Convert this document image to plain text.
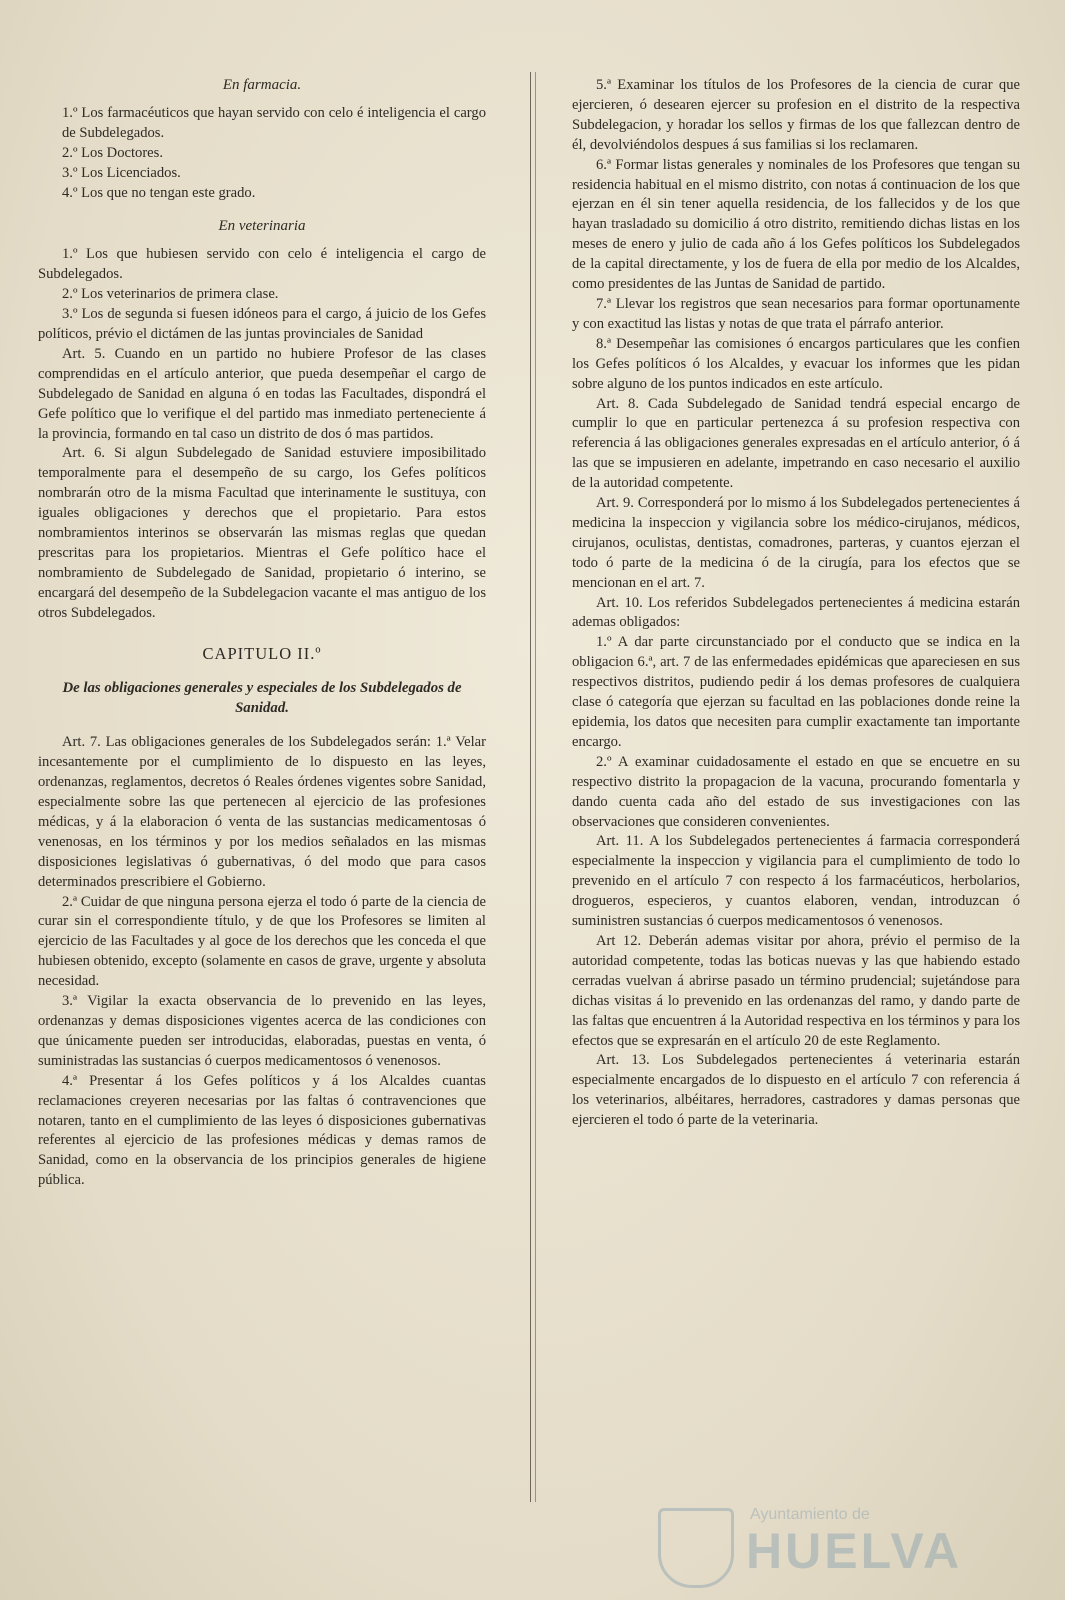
En farmacia.

1.º Los farmacéuticos que hayan servido con celo é inteligencia el cargo de Subdelegados.

2.º Los Doctores.

3.º Los Licenciados.

4.º Los que no tengan este grado.

En veterinaria

1.º Los que hubiesen servido con celo é inteligencia el cargo de Subdelegados.

2.º Los veterinarios de primera clase.

3.º Los de segunda si fuesen idóneos para el cargo, á juicio de los Gefes políticos, prévio el dictámen de las juntas provinciales de Sanidad

Art. 5. Cuando en un partido no hubiere Profesor de las clases comprendidas en el artículo anterior, que pueda desempeñar el cargo de Subdelegado de Sanidad en alguna ó en todas las Facultades, dispondrá el Gefe político que lo verifique el del partido mas inmediato perteneciente á la provincia, formando en tal caso un distrito de dos ó mas partidos.

Art. 6. Si algun Subdelegado de Sanidad estuviere imposibilitado temporalmente para el desempeño de su cargo, los Gefes políticos nombrarán otro de la misma Facultad que interinamente le sustituya, con iguales obligaciones y derechos que el propietario. Para estos nombramientos interinos se observarán las mismas reglas que quedan prescritas para los propietarios. Mientras el Gefe político hace el nombramiento de Subdelegado de Sanidad, propietario ó interino, se encargará del desempeño de la Subdelegacion vacante el mas antiguo de los otros Subdelegados.

CAPITULO II.º

De las obligaciones generales y especiales de los Subdelegados de Sanidad.

Art. 7. Las obligaciones generales de los Subdelegados serán: 1.ª Velar incesantemente por el cumplimiento de lo dispuesto en las leyes, ordenanzas, reglamentos, decretos ó Reales órdenes vigentes sobre Sanidad, especialmente sobre las que pertenecen al ejercicio de las profesiones médicas, y á la elaboracion ó venta de las sustancias medicamentosas ó venenosas, en los términos y por los medios señalados en las mismas disposiciones legislativas ó gubernativas, ó del modo que para casos determinados prescribiere el Gobierno.

2.ª Cuidar de que ninguna persona ejerza el todo ó parte de la ciencia de curar sin el correspondiente título, y de que los Profesores se limiten al ejercicio de las Facultades y al goce de los derechos que les conceda el que hubiesen obtenido, excepto (solamente en casos de grave, urgente y absoluta necesidad.

3.ª Vigilar la exacta observancia de lo prevenido en las leyes, ordenanzas y demas disposiciones vigentes acerca de las condiciones con que únicamente pueden ser introducidas, elaboradas, puestas en venta, ó suministradas las sustancias ó cuerpos medicamentosos ó venenosos.

4.ª Presentar á los Gefes políticos y á los Alcaldes cuantas reclamaciones creyeren necesarias por las faltas ó contravenciones que notaren, tanto en el cumplimiento de las leyes ó disposiciones gubernativas referentes al ejercicio de las profesiones médicas y demas ramos de Sanidad, como en la observancia de los principios generales de higiene pública.

5.ª Examinar los títulos de los Profesores de la ciencia de curar que ejercieren, ó desearen ejercer su profesion en el distrito de la respectiva Subdelegacion, y horadar los sellos y firmas de los que fallezcan dentro de él, devolviéndolos despues á sus familias si los reclamaren.

6.ª Formar listas generales y nominales de los Profesores que tengan su residencia habitual en el mismo distrito, con notas á continuacion de los que ejerzan en él sin tener aquella residencia, de los fallecidos y de los que hayan trasladado su domicilio á otro distrito, remitiendo dichas listas en los meses de enero y julio de cada año á los Gefes políticos los Subdelegados de la capital directamente, y los de fuera de ella por medio de los Alcaldes, como presidentes de las Juntas de Sanidad de partido.

7.ª Llevar los registros que sean necesarios para formar oportunamente y con exactitud las listas y notas de que trata el párrafo anterior.

8.ª Desempeñar las comisiones ó encargos particulares que les confien los Gefes políticos ó los Alcaldes, y evacuar los informes que les pidan sobre alguno de los puntos indicados en este artículo.

Art. 8. Cada Subdelegado de Sanidad tendrá especial encargo de cumplir lo que en particular pertenezca á su profesion respectiva con referencia á las obligaciones generales expresadas en el artículo anterior, ó á las que se impusieren en adelante, impetrando en caso necesario el auxilio de la autoridad competente.

Art. 9. Corresponderá por lo mismo á los Subdelegados pertenecientes á medicina la inspeccion y vigilancia sobre los médico-cirujanos, médicos, cirujanos, oculistas, dentistas, comadrones, parteras, y cuantos ejerzan el todo ó parte de la medicina ó de la cirugía, para los efectos que se mencionan en el art. 7.

Art. 10. Los referidos Subdelegados pertenecientes á medicina estarán ademas obligados:

1.º A dar parte circunstanciado por el conducto que se indica en la obligacion 6.ª, art. 7 de las enfermedades epidémicas que apareciesen en sus respectivos distritos, pudiendo pedir á los demas profesores de cualquiera clase ó categoría que ejerzan su facultad en las poblaciones donde reine la epidemia, los datos que necesiten para cumplir exactamente tan importante encargo.

2.º A examinar cuidadosamente el estado en que se encuetre en su respectivo distrito la propagacion de la vacuna, procurando fomentarla y dando cuenta cada año del estado de sus investigaciones con las observaciones que consideren convenientes.

Art. 11. A los Subdelegados pertenecientes á farmacia corresponderá especialmente la inspeccion y vigilancia para el cumplimiento de todo lo prevenido en el artículo 7 con respecto á los farmacéuticos, herbolarios, drogueros, especieros, y cuantos elaboren, vendan, introduzcan ó suministren sustancias ó cuerpos medicamentosos ó venenosos.

Art 12. Deberán ademas visitar por ahora, prévio el permiso de la autoridad competente, todas las boticas nuevas y las que habiendo estado cerradas vuelvan á abrirse pasado un término prudencial; sujetándose para dichas visitas á lo prevenido en las ordenanzas del ramo, y dando parte de las faltas que encuentren á la Autoridad respectiva en los términos y para los efectos que se expresarán en el artículo 20 de este Reglamento.

Art. 13. Los Subdelegados pertenecientes á veterinaria estarán especialmente encargados de lo dispuesto en el artículo 7 con referencia á los veterinarios, albéitares, herradores, castradores y damas personas que ejercieren el todo ó parte de la veterinaria.

Ayuntamiento de
HUELVA
